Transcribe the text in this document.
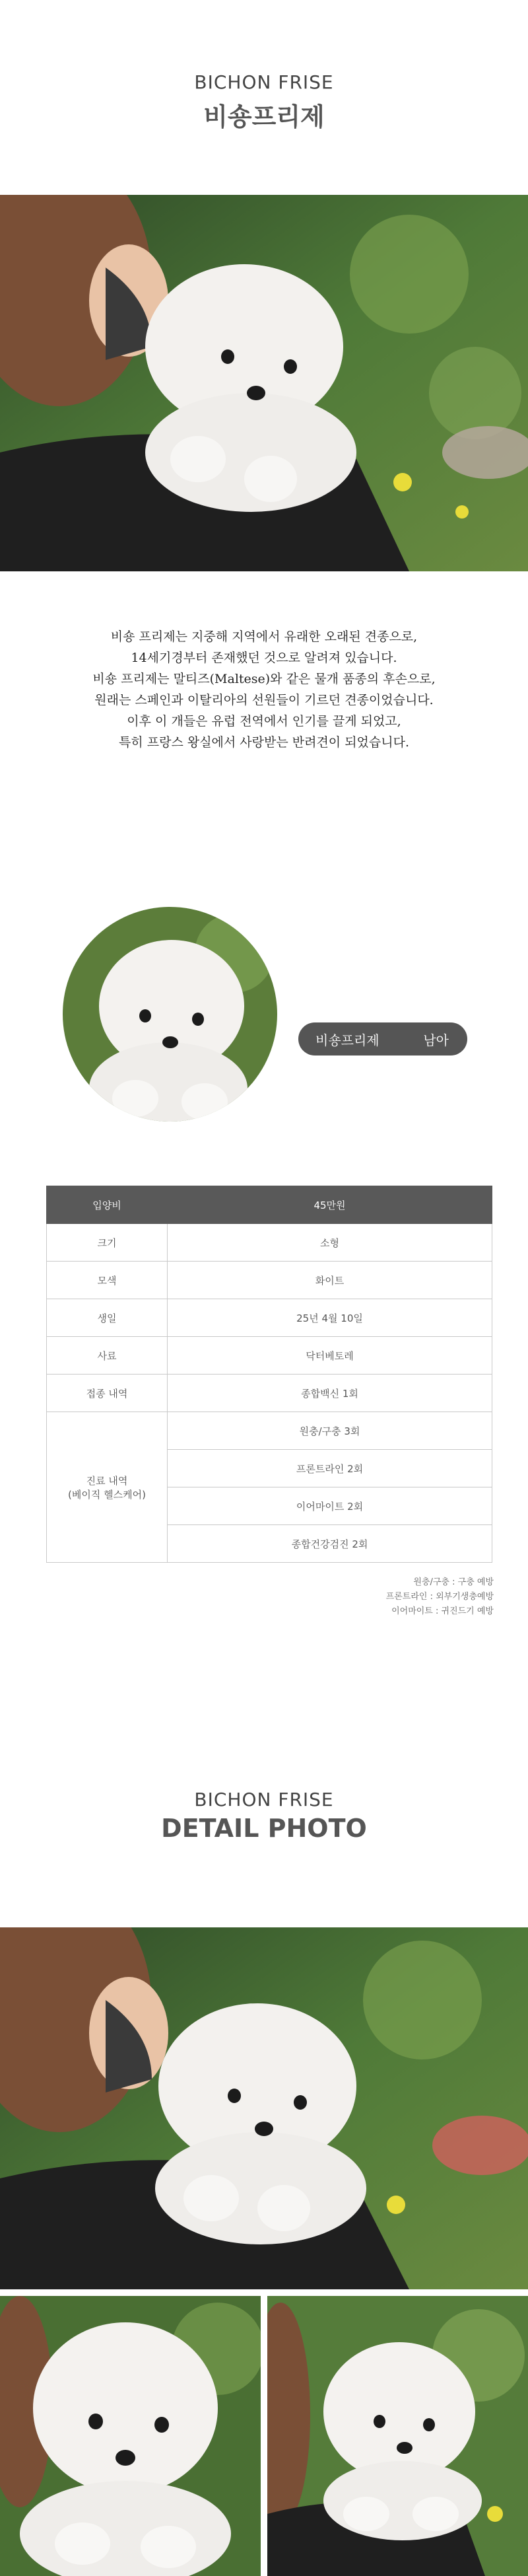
BICHON FRISE
비숑프리제
비숑 프리제는 지중해 지역에서 유래한 오래된 견종으로,
14세기경부터 존재했던 것으로 알려져 있습니다.
비숑 프리제는 말티즈(Maltese)와 같은 물개 품종의 후손으로,
원래는 스페인과 이탈리아의 선원들이 기르던 견종이었습니다.
이후 이 개들은 유럽 전역에서 인기를 끌게 되었고,
특히 프랑스 왕실에서 사랑받는 반려견이 되었습니다.
비숑프리제	남아
입양비	45만원
크기	소형
모색	화이트
생일	25년 4월 10일
사료	닥터베토레
접종 내역	종합백신 1회

진료 내역
(베이직 헬스케어)	원충/구충 3회
	프론트라인 2회
	이어마이트 2회
	종합건강검진 2회
원충/구충 : 구충 예방
프론트라인 : 외부기생충예방
이어마이트 : 귀진드기 예방
BICHON FRISE
DETAIL PHOTO
